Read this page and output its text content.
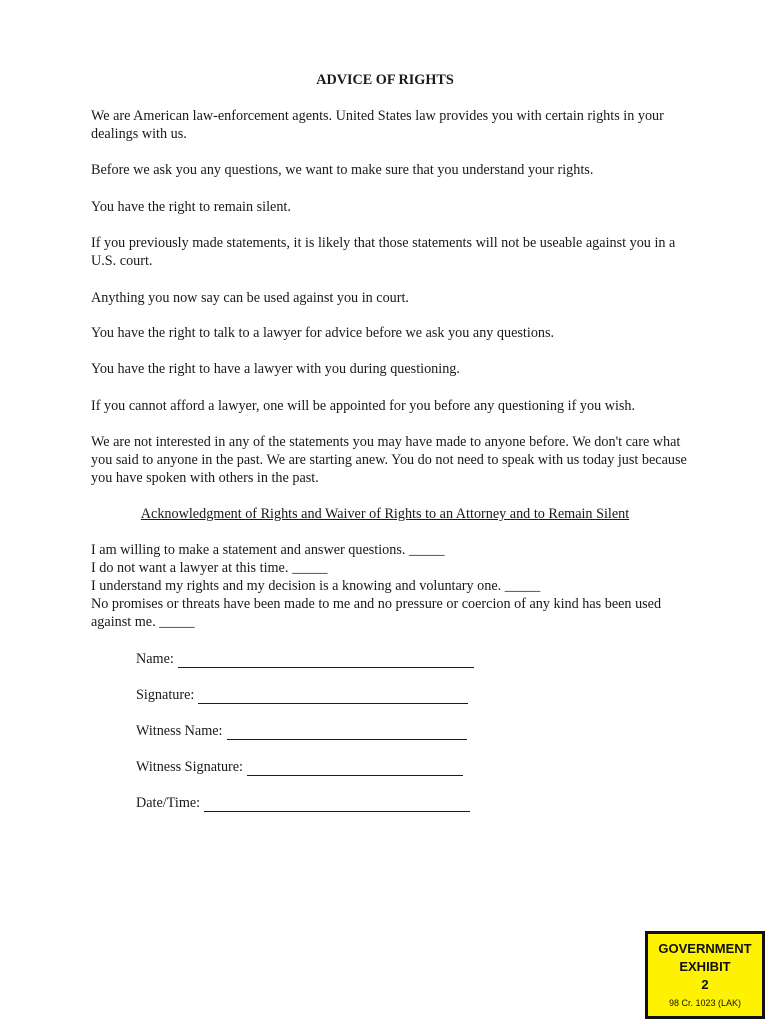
ADVICE OF RIGHTS

We are American law-enforcement agents. United States law provides you with certain rights in your dealings with us.

Before we ask you any questions, we want to make sure that you understand your rights.

You have the right to remain silent.

If you previously made statements, it is likely that those statements will not be useable against you in a U.S. court.

Anything you now say can be used against you in court.

You have the right to talk to a lawyer for advice before we ask you any questions.

You have the right to have a lawyer with you during questioning.

If you cannot afford a lawyer, one will be appointed for you before any questioning if you wish.

We are not interested in any of the statements you may have made to anyone before. We don't care what you said to anyone in the past. We are starting anew. You do not need to speak with us today just because you have spoken with others in the past.

Acknowledgment of Rights and Waiver of Rights to an Attorney and to Remain Silent
I am willing to make a statement and answer questions. _____
I do not want a lawyer at this time. _____
I understand my rights and my decision is a knowing and voluntary one. _____
No promises or threats have been made to me and no pressure or coercion of any kind has been used against me. _____
Name:
Signature:
Witness Name:
Witness Signature:
Date/Time:
GOVERNMENT
EXHIBIT
2
98 Cr. 1023 (LAK)
